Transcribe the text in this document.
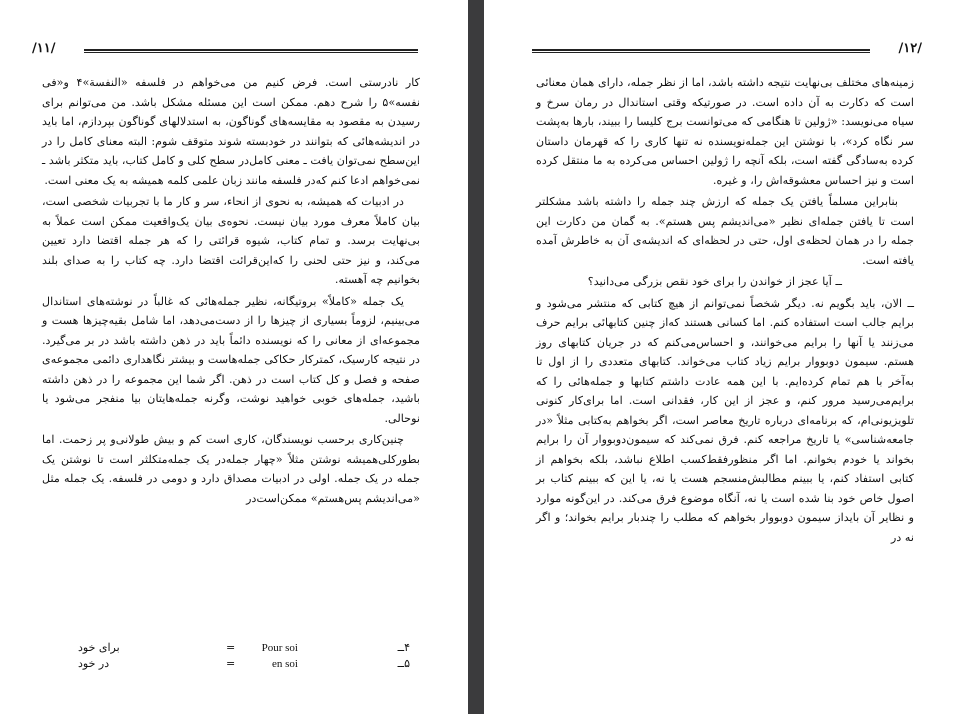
/۱۱/

کار نادرستی است. فرض کنیم من می‌خواهم در فلسفه «النفسة»۴ و«فی نفسه»۵ را شرح دهم. ممکن است این مسئله مشکل باشد. من می‌توانم برای رسیدن به مقصود به مقایسه‌های گوناگون، به استدلالهای گوناگون بپردازم، اما باید در اندیشه‌هائی که بتوانند در خودبسته شوند متوقف شوم: البته معنای کامل را در این‌سطح نمی‌توان یافت ـ معنی کامل‌در سطح کلی و کامل کتاب، باید متکثر باشد ـ نمی‌خواهم ادعا کنم که‌در فلسفه مانند زبان علمی کلمه همیشه به یک معنی است.

در ادبیات که همیشه، به نحوی از انحاء، سر و کار ما با تجربیات شخصی است، بیان کاملاً معرف مورد بیان نیست. نحوه‌ی بیان یک‌واقعیت ممکن است عملاً به بی‌نهایت برسد. و تمام کتاب، شیوه قرائتی را که هر جمله اقتضا دارد تعیین می‌کند، و نیز حتی لحنی را که‌این‌قرائت اقتضا دارد. چه کتاب را به صدای بلند بخوانیم چه آهسته.

یک جمله «کاملاً» بروتیگانه، نظیر جمله‌هائی که غالباً در نوشته‌های استاندال می‌بینیم، لزوماً بسیاری از چیزها را از دست‌می‌دهد، اما شامل بقیه‌چیزها هست و مجموعه‌ای از معانی را که نویسنده دائماً باید در ذهن داشته باشد در بر می‌گیرد. در نتیجه کارسیک، کمتر‌کار حکاکی جمله‌هاست و بیشتر نگاهداری دائمی مجموعه‌ی صفحه و فصل و کل کتاب است در ذهن. اگر شما این مجموعه را در ذهن داشته باشید، جمله‌های خوبی خواهید نوشت، وگرنه جمله‌هایتان بیا منفجر می‌شود یا نوحالی.

چنین‌کاری برحسب نویسندگان، کاری است کم و بیش طولانی‌و پر زحمت. اما بطورکلی‌همیشه نوشتن مثلاً «چهار جمله‌در یک جمله‌متکلثر است تا نوشتن یک جمله در یک جمله. اولی در ادبیات مصداق دارد و دومی در فلسفه. یک جمله مثل «می‌اندیشم پس‌هستم» ممکن‌است‌در

۴ــ
Pour soi
=
برای خود
۵ــ
en soi
=
در خود
/۱۲/

زمینه‌های مختلف بی‌نهایت نتیجه داشته باشد، اما از نظر جمله، دارای همان معنائی است که دکارت به آن داده است. در صورتیکه وقتی استاندال در رمان سرخ و سیاه می‌نویسد: «ژولین تا هنگامی که می‌توانست برج کلیسا را ببیند، بارها به‌پشت سر نگاه کرد»، با نوشتن این جمله‌نویسنده نه تنها کاری را که قهرمان داستان کرده به‌سادگی گفته است، بلکه آنچه را ژولین احساس می‌کرده به ما منتقل کرده است و نیز احساس معشوقه‌اش را، و غیره.

بنابراین مسلماً یافتن یک جمله که ارزش چند جمله را داشته باشد مشکلتر است تا یافتن جمله‌ای نظیر «می‌اندیشم پس هستم». به گمان من دکارت این جمله را در همان لحظه‌ی اول، حتی در لحظه‌ای که اندیشه‌ی آن به خاطرش آمده یافته است.

ــ آیا عجز از خواندن را برای خود نقص بزرگی می‌دانید؟

ــ الان، باید بگویم نه. دیگر شخصاً نمی‌توانم از هیچ کتابی که منتشر می‌شود و برایم جالب است استفاده کنم. اما کسانی هستند که‌از چنین کتابهائی برایم حرف می‌زنند یا آنها را برایم می‌خوانند، و احساس‌می‌کنم که در جریان کتابهای روز هستم. سیمون دوبووار برایم زیاد کتاب می‌خواند. کتابهای متعددی را از اول تا به‌آخر با هم تمام کرده‌ایم. با این همه عادت داشتم کتابها و جمله‌هائی را که برایم‌می‌رسید مرور کنم، و عجز از این کار، فقدانی است. اما برای‌کار کنونی تلویزیونی‌ام، که برنامه‌ای درباره تاریخ معاصر است، اگر بخواهم به‌کتابی مثلاً «در جامعه‌شناسی» یا تاریخ مراجعه کنم. فرق نمی‌کند که سیمون‌دوبووار آن را برایم بخواند یا خودم بخوانم. اما اگر منظور‌فقط‌کسب اطلاع نباشد، بلکه بخواهم از کتابی استفاد کنم، یا ببینم مطالبش‌منسجم هست یا نه، یا این که ببینم کتاب بر اصول خاص خود بنا شده است یا نه، آنگاه موضوع فرق می‌کند. در این‌گونه موارد و نظایر آن بایداز سیمون دوبووار بخواهم که مطلب را چندبار برایم بخواند؛ و اگر نه در
